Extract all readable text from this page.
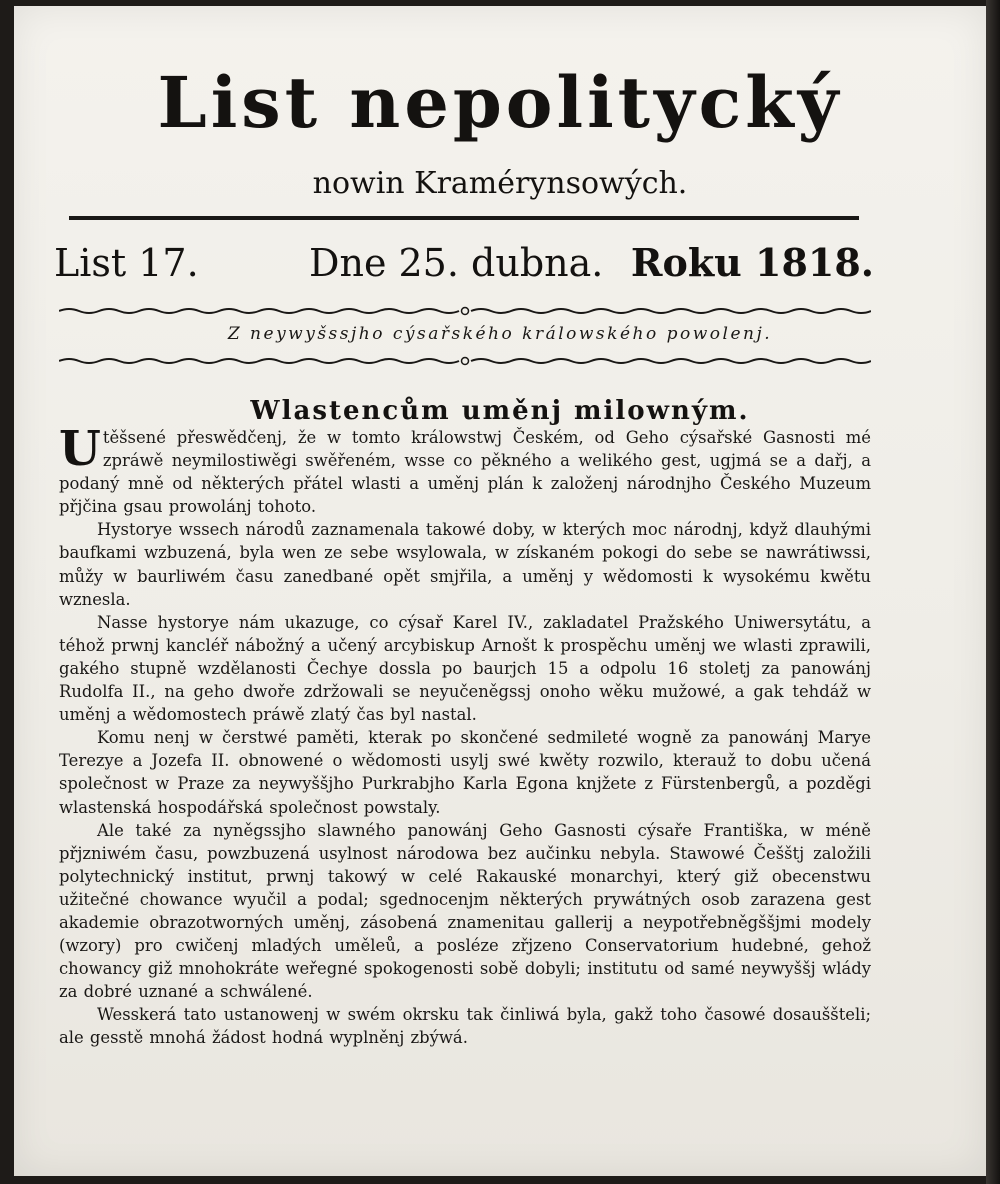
List nepolitycký
nowin Kramérynsowých.
List 17.	Dne 25. dubna. Roku 1818.
Z neywyšssjho cýsařského králowského powolenj.
Wlastencům uměnj milowným.

Utěšsené přeswědčenj, že w tomto králowstwj Českém, od Geho cýsařské Gasnosti mé zpráwě neymilostiwěgi swěřeném, wsse co pěkného a welikého gest, ugjmá se a dařj, a podaný mně od některých přátel wlasti a uměnj plán k založenj národnjho Českého Muzeum přjčina gsau prowolánj tohoto.

Hystorye wssech národů zaznamenala takowé doby, w kterých moc národnj, když dlauhými baufkami wzbuzená, byla wen ze sebe wsylowala, w získaném pokogi do sebe se nawrátiwssi, můžy w baurliwém času zanedbané opět smjřila, a uměnj y wědomosti k wysokému kwětu wznesla.

Nasse hystorye nám ukazuge, co cýsař Karel IV., zakladatel Pražského Uniwersytátu, a téhož prwnj kancléř nábožný a učený arcybiskup Arnošt k prospěchu uměnj we wlasti zprawili, gakého stupně wzdělanosti Čechye dossla po baurjch 15 a odpolu 16 stoletj za panowánj Rudolfa II., na geho dwoře zdržowali se neyučeněgssj onoho wěku mužowé, a gak tehdáž w uměnj a wědomostech práwě zlatý čas byl nastal.

Komu nenj w čerstwé paměti, kterak po skončené sedmileté wogně za panowánj Marye Terezye a Jozefa II. obnowené o wědomosti usylj swé kwěty rozwilo, kterauž to dobu učená společnost w Praze za neywyššjho Purkrabjho Karla Egona knjžete z Fürstenbergů, a pozděgi wlastenská hospodářská společnost powstaly.

Ale také za nyněgssjho slawného panowánj Geho Gasnosti cýsaře Františka, w méně přjzniwém času, powzbuzená usylnost národowa bez aučinku nebyla. Stawowé Češštj založili polytechnický institut, prwnj takowý w celé Rakauské monarchyi, který giž obecenstwu užitečné chowance wyučil a podal; sgednocenjm některých prywátných osob zarazena gest akademie obrazotworných uměnj, zásobená znamenitau gallerij a neypotřebněgššjmi modely (wzory) pro cwičenj mladých uměleů, a posléze zřjzeno Conservatorium hudebné, gehož chowancy giž mnohokráte weřegné spokogenosti sobě dobyli; institutu od samé neywyššj wlády za dobré uznané a schwálené.

Wesskerá tato ustanowenj w swém okrsku tak činliwá byla, gakž toho časowé dosauššteli; ale gesstě mnohá žádost hodná wyplněnj zbýwá.
